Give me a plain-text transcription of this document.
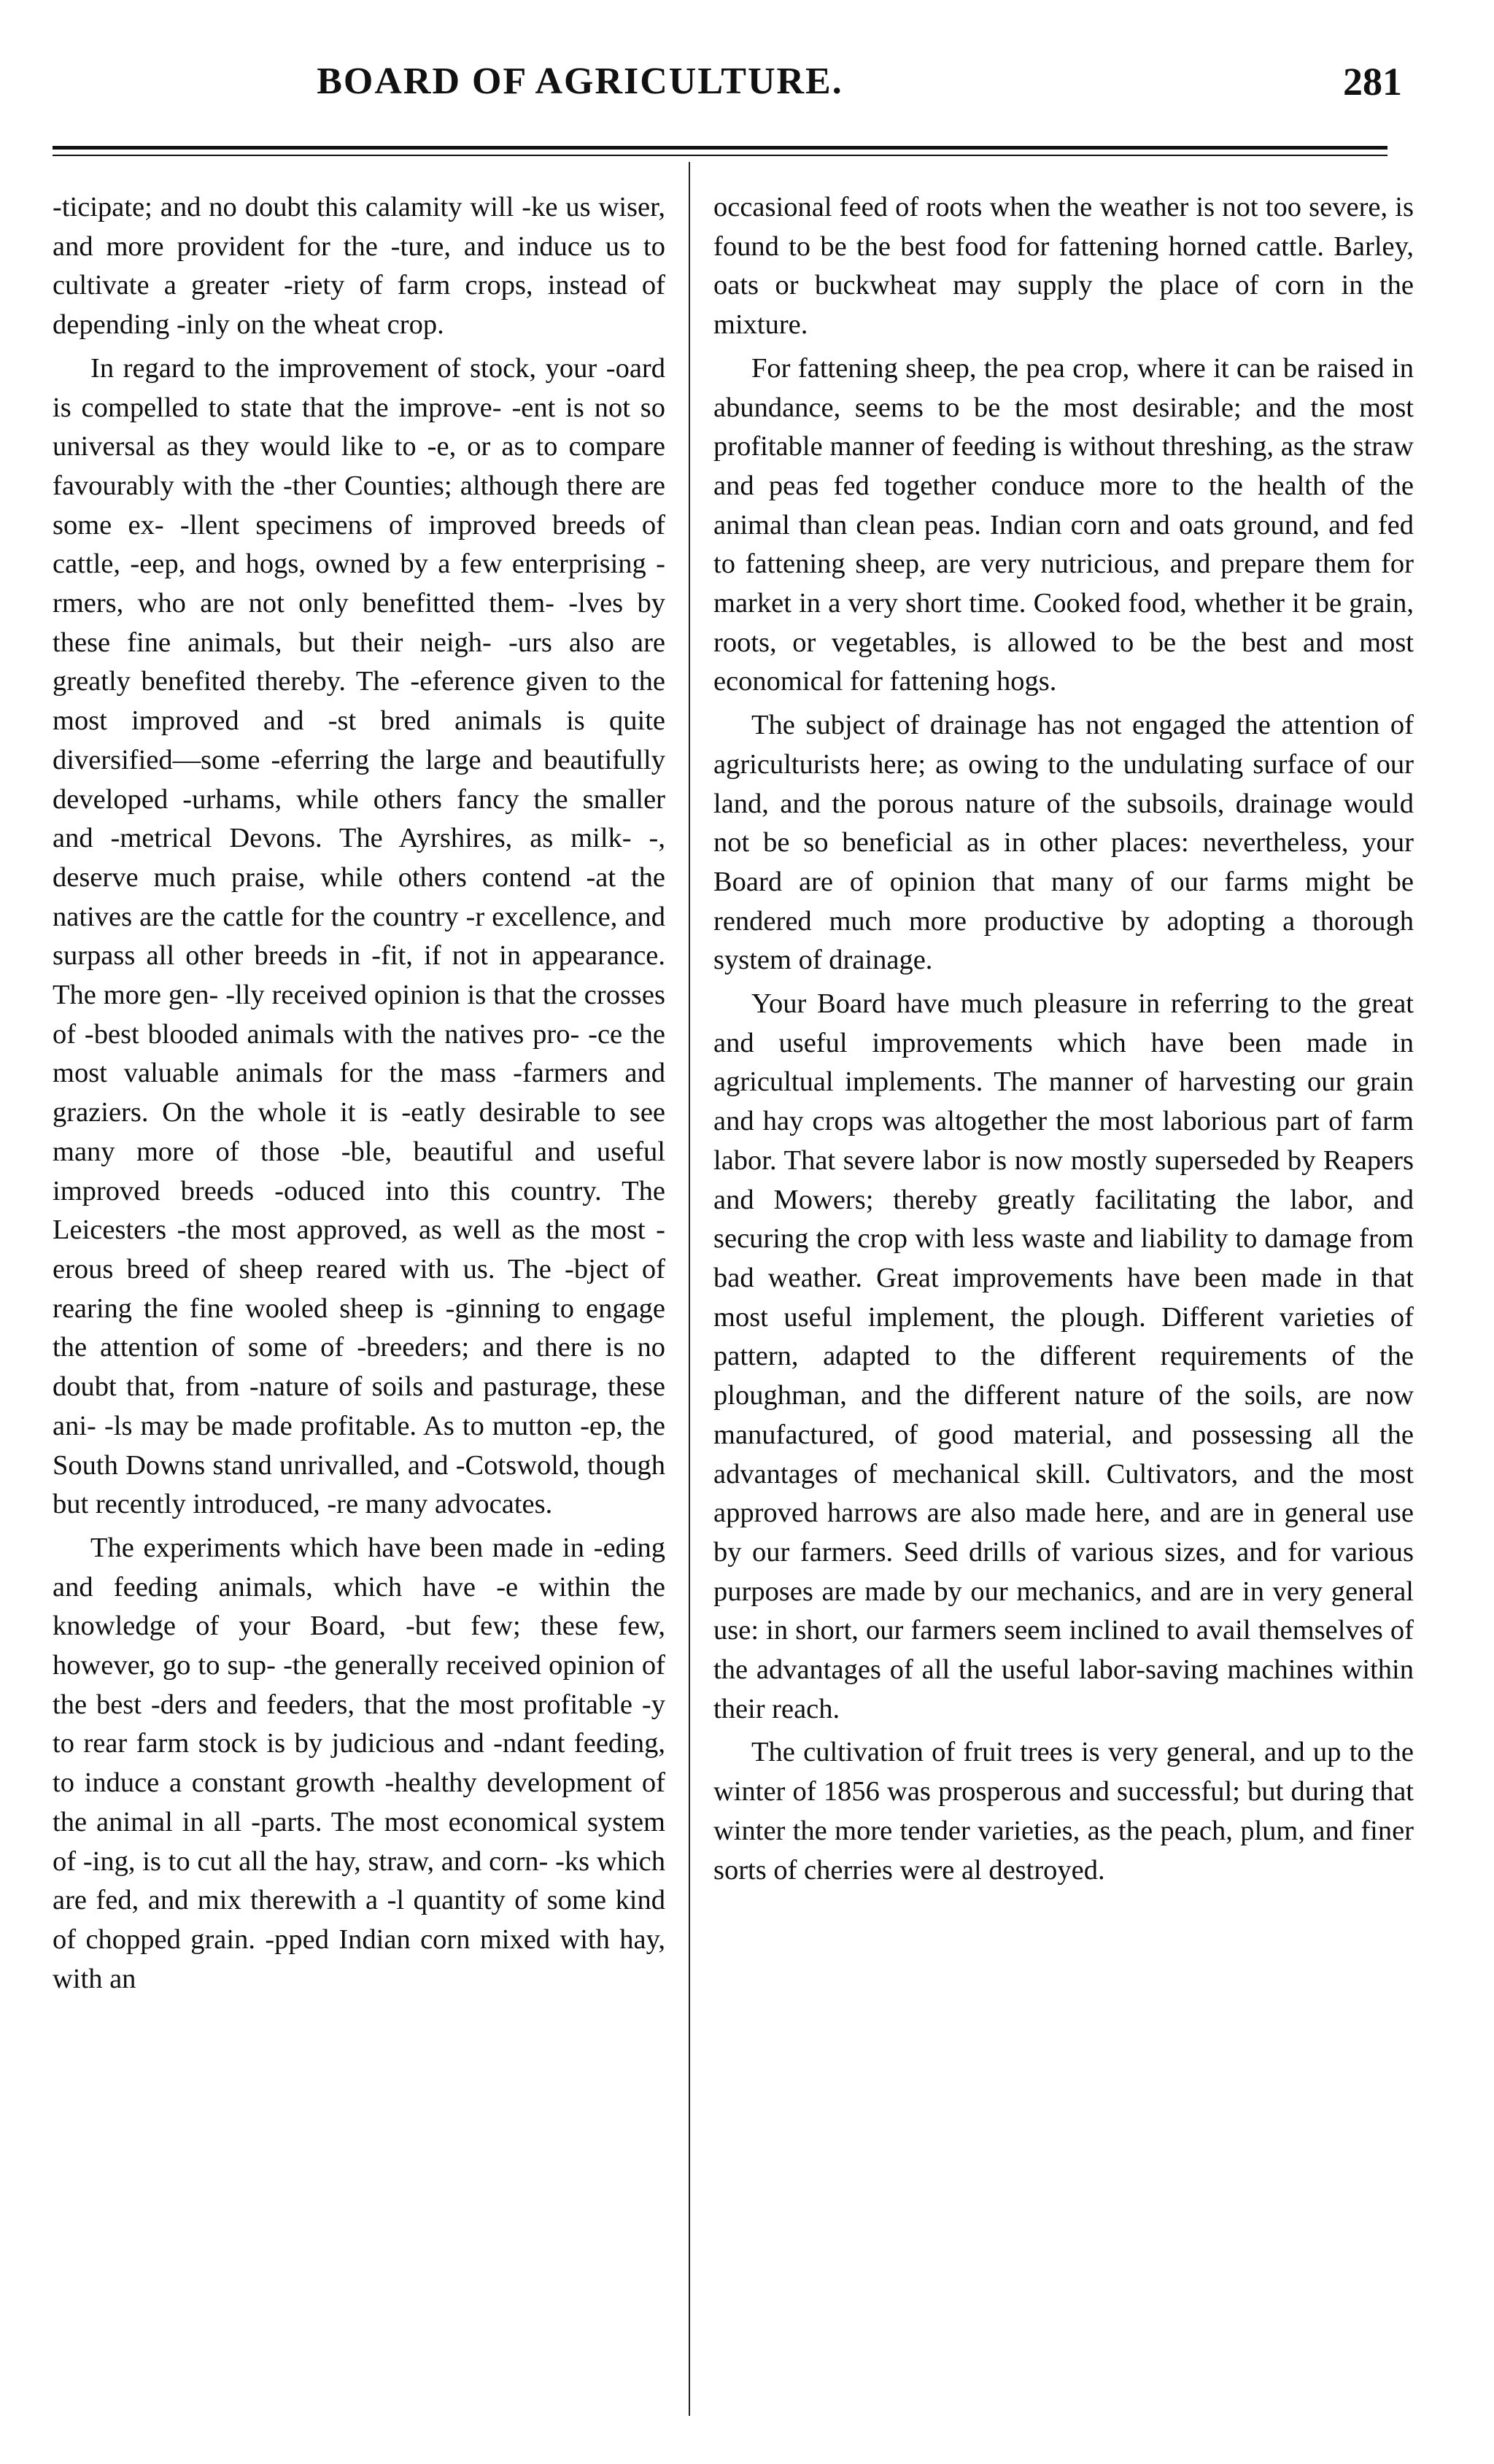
BOARD OF AGRICULTURE.	281

-ticipate; and no doubt this calamity will -ke us wiser, and more provident for the -ture, and induce us to cultivate a greater -riety of farm crops, instead of depending -inly on the wheat crop.

In regard to the improvement of stock, your -oard is compelled to state that the improve- -ent is not so universal as they would like to -e, or as to compare favourably with the -ther Counties; although there are some ex- -llent specimens of improved breeds of cattle, -eep, and hogs, owned by a few enterprising -rmers, who are not only benefitted them- -lves by these fine animals, but their neigh- -urs also are greatly benefited thereby. The -eference given to the most improved and -st bred animals is quite diversified—some -eferring the large and beautifully developed -urhams, while others fancy the smaller and -metrical Devons. The Ayrshires, as milk- -, deserve much praise, while others contend -at the natives are the cattle for the country -r excellence, and surpass all other breeds in -fit, if not in appearance. The more gen- -lly received opinion is that the crosses of -best blooded animals with the natives pro- -ce the most valuable animals for the mass -farmers and graziers. On the whole it is -eatly desirable to see many more of those -ble, beautiful and useful improved breeds -oduced into this country. The Leicesters -the most approved, as well as the most -erous breed of sheep reared with us. The -bject of rearing the fine wooled sheep is -ginning to engage the attention of some of -breeders; and there is no doubt that, from -nature of soils and pasturage, these ani- -ls may be made profitable. As to mutton -ep, the South Downs stand unrivalled, and -Cotswold, though but recently introduced, -re many advocates.

The experiments which have been made in -eding and feeding animals, which have -e within the knowledge of your Board, -but few; these few, however, go to sup- -the generally received opinion of the best -ders and feeders, that the most profitable -y to rear farm stock is by judicious and -ndant feeding, to induce a constant growth -healthy development of the animal in all -parts. The most economical system of -ing, is to cut all the hay, straw, and corn- -ks which are fed, and mix therewith a -l quantity of some kind of chopped grain. -pped Indian corn mixed with hay, with an

occasional feed of roots when the weather is not too severe, is found to be the best food for fattening horned cattle. Barley, oats or buckwheat may supply the place of corn in the mixture.

For fattening sheep, the pea crop, where it can be raised in abundance, seems to be the most desirable; and the most profitable manner of feeding is without threshing, as the straw and peas fed together conduce more to the health of the animal than clean peas. Indian corn and oats ground, and fed to fattening sheep, are very nutricious, and prepare them for market in a very short time. Cooked food, whether it be grain, roots, or vegetables, is allowed to be the best and most economical for fattening hogs.

The subject of drainage has not engaged the attention of agriculturists here; as owing to the undulating surface of our land, and the porous nature of the subsoils, drainage would not be so beneficial as in other places: nevertheless, your Board are of opinion that many of our farms might be rendered much more productive by adopting a thorough system of drainage.

Your Board have much pleasure in referring to the great and useful improvements which have been made in agricultual implements. The manner of harvesting our grain and hay crops was altogether the most laborious part of farm labor. That severe labor is now mostly superseded by Reapers and Mowers; thereby greatly facilitating the labor, and securing the crop with less waste and liability to damage from bad weather. Great improvements have been made in that most useful implement, the plough. Different varieties of pattern, adapted to the different requirements of the ploughman, and the different nature of the soils, are now manufactured, of good material, and possessing all the advantages of mechanical skill. Cultivators, and the most approved harrows are also made here, and are in general use by our farmers. Seed drills of various sizes, and for various purposes are made by our mechanics, and are in very general use: in short, our farmers seem inclined to avail themselves of the advantages of all the useful labor-saving machines within their reach.

The cultivation of fruit trees is very general, and up to the winter of 1856 was prosperous and successful; but during that winter the more tender varieties, as the peach, plum, and finer sorts of cherries were al destroyed.
